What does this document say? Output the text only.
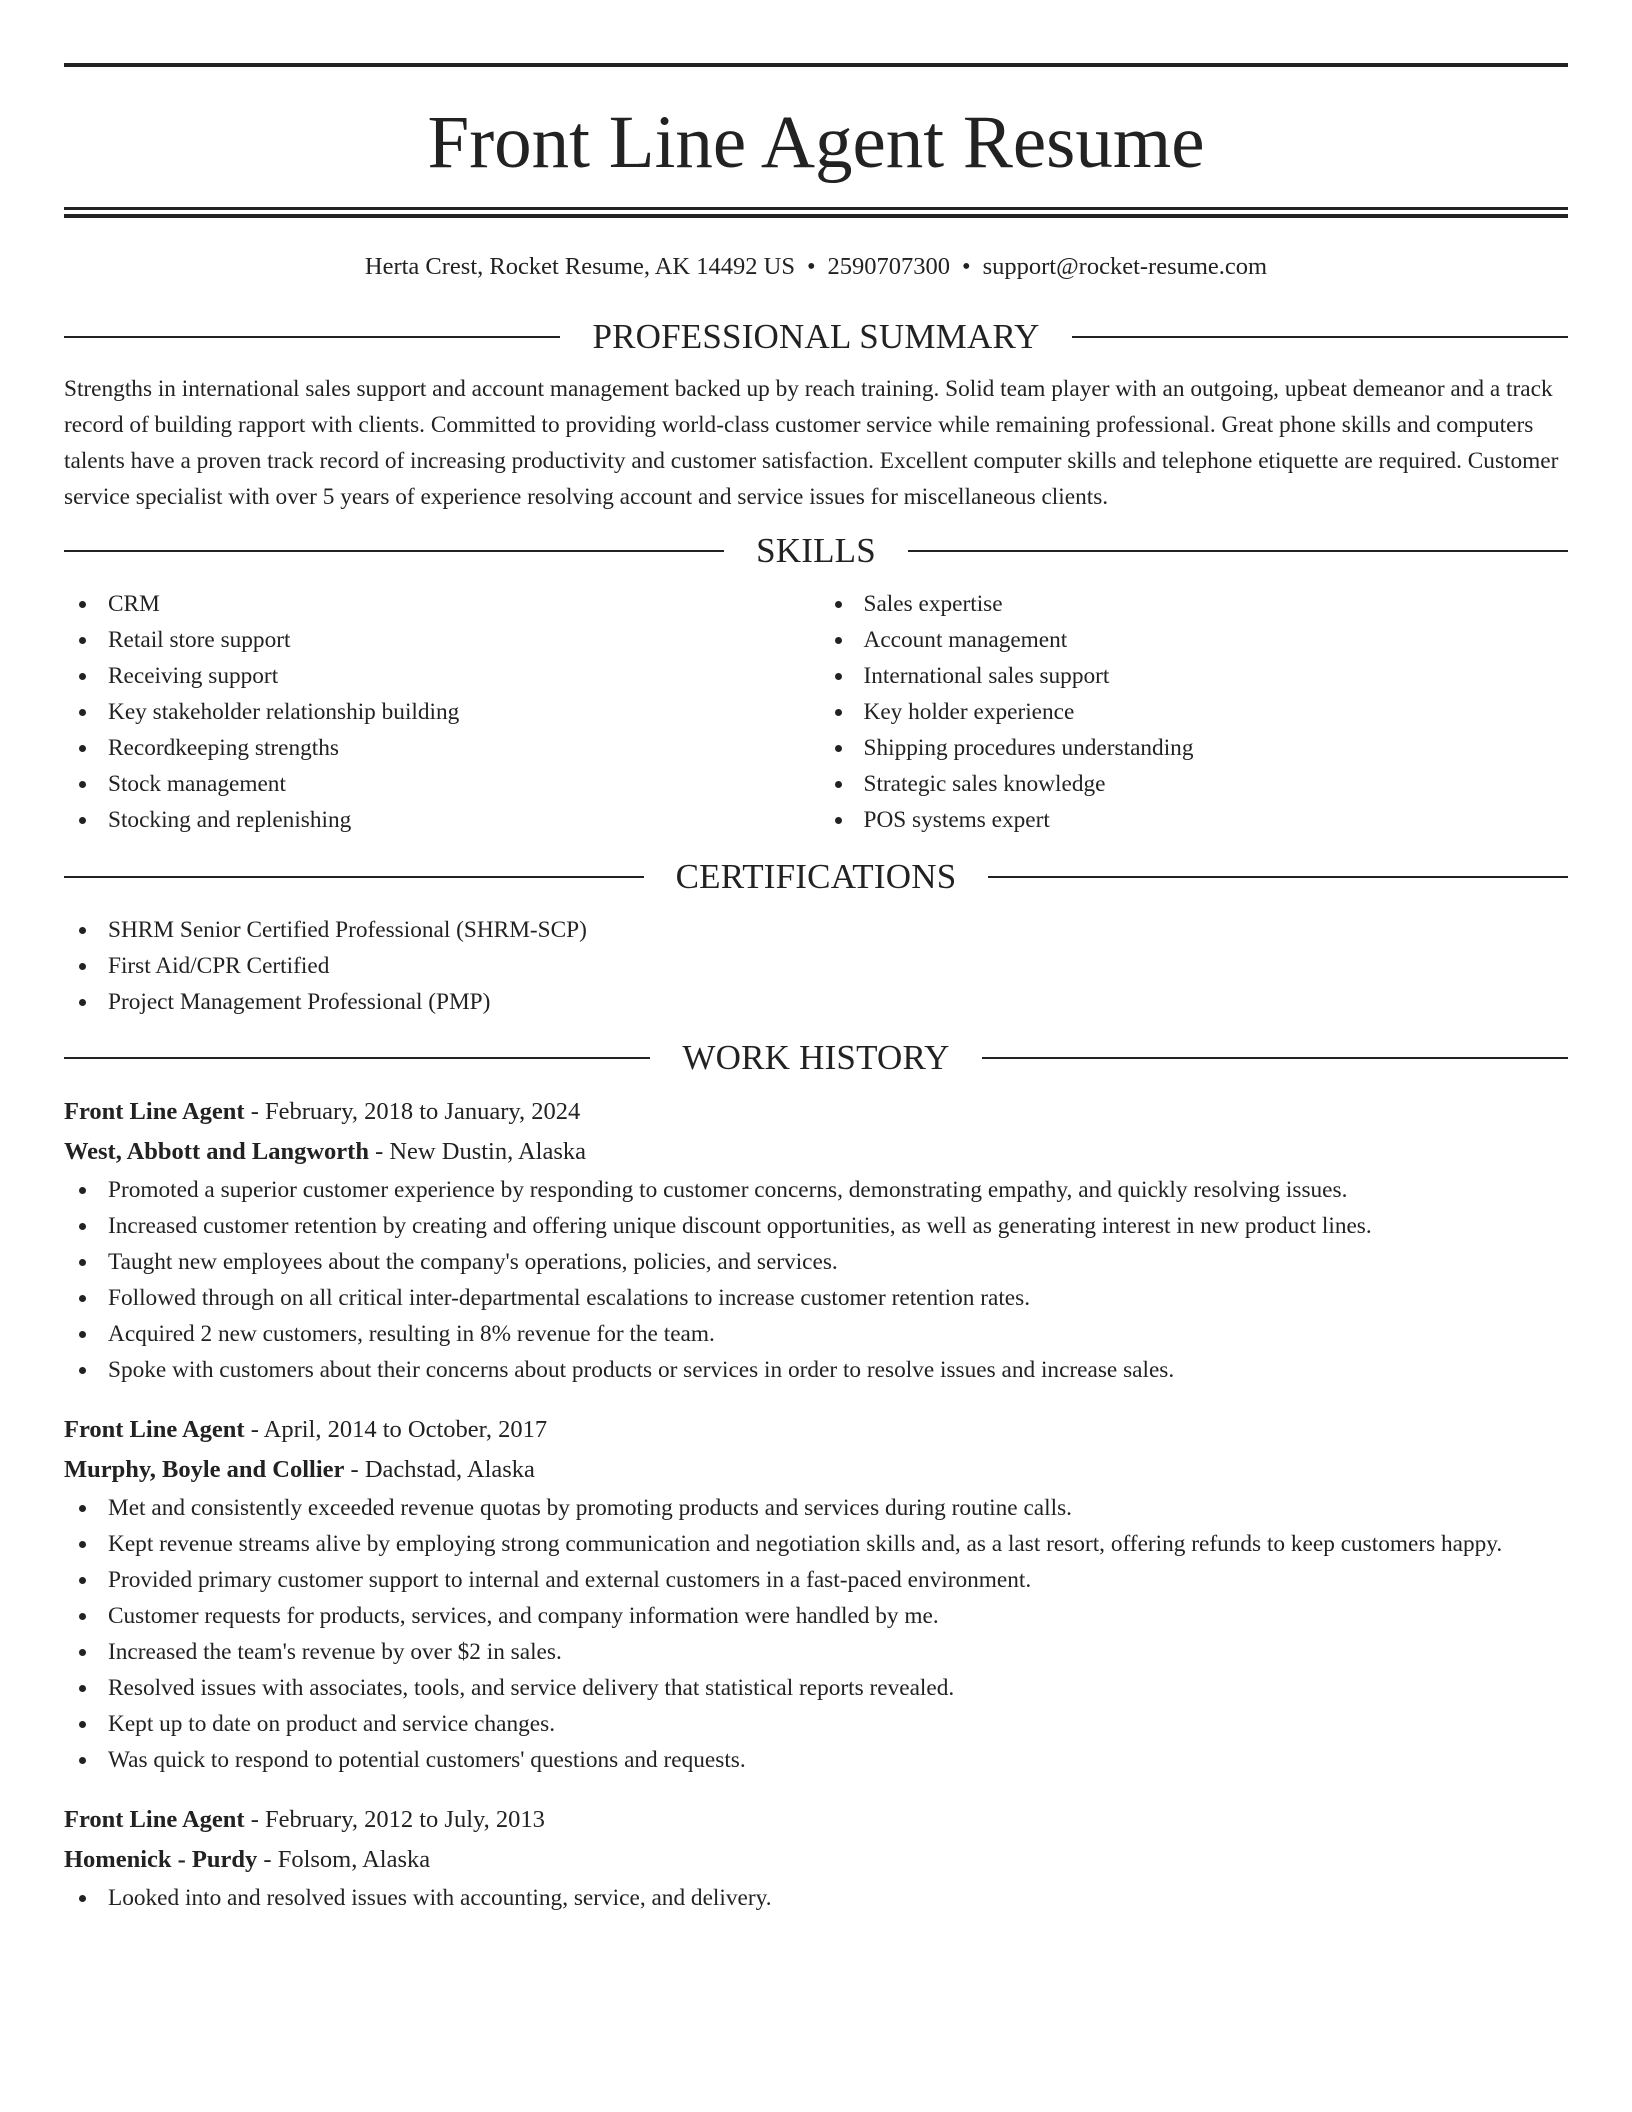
Front Line Agent Resume
Herta Crest, Rocket Resume, AK 14492 US • 2590707300 • support@rocket-resume.com
PROFESSIONAL SUMMARY

Strengths in international sales support and account management backed up by reach training. Solid team player with an outgoing, upbeat demeanor and a track record of building rapport with clients. Committed to providing world-class customer service while remaining professional. Great phone skills and computers talents have a proven track record of increasing productivity and customer satisfaction. Excellent computer skills and telephone etiquette are required. Customer service specialist with over 5 years of experience resolving account and service issues for miscellaneous clients.

SKILLS
CRM
Retail store support
Receiving support
Key stakeholder relationship building
Recordkeeping strengths
Stock management
Stocking and replenishing
Sales expertise
Account management
International sales support
Key holder experience
Shipping procedures understanding
Strategic sales knowledge
POS systems expert
CERTIFICATIONS
SHRM Senior Certified Professional (SHRM-SCP)
First Aid/CPR Certified
Project Management Professional (PMP)
WORK HISTORY
Front Line Agent - February, 2018 to January, 2024
West, Abbott and Langworth - New Dustin, Alaska
Promoted a superior customer experience by responding to customer concerns, demonstrating empathy, and quickly resolving issues.
Increased customer retention by creating and offering unique discount opportunities, as well as generating interest in new product lines.
Taught new employees about the company's operations, policies, and services.
Followed through on all critical inter-departmental escalations to increase customer retention rates.
Acquired 2 new customers, resulting in 8% revenue for the team.
Spoke with customers about their concerns about products or services in order to resolve issues and increase sales.
Front Line Agent - April, 2014 to October, 2017
Murphy, Boyle and Collier - Dachstad, Alaska
Met and consistently exceeded revenue quotas by promoting products and services during routine calls.
Kept revenue streams alive by employing strong communication and negotiation skills and, as a last resort, offering refunds to keep customers happy.
Provided primary customer support to internal and external customers in a fast-paced environment.
Customer requests for products, services, and company information were handled by me.
Increased the team's revenue by over $2 in sales.
Resolved issues with associates, tools, and service delivery that statistical reports revealed.
Kept up to date on product and service changes.
Was quick to respond to potential customers' questions and requests.
Front Line Agent - February, 2012 to July, 2013
Homenick - Purdy - Folsom, Alaska
Looked into and resolved issues with accounting, service, and delivery.
